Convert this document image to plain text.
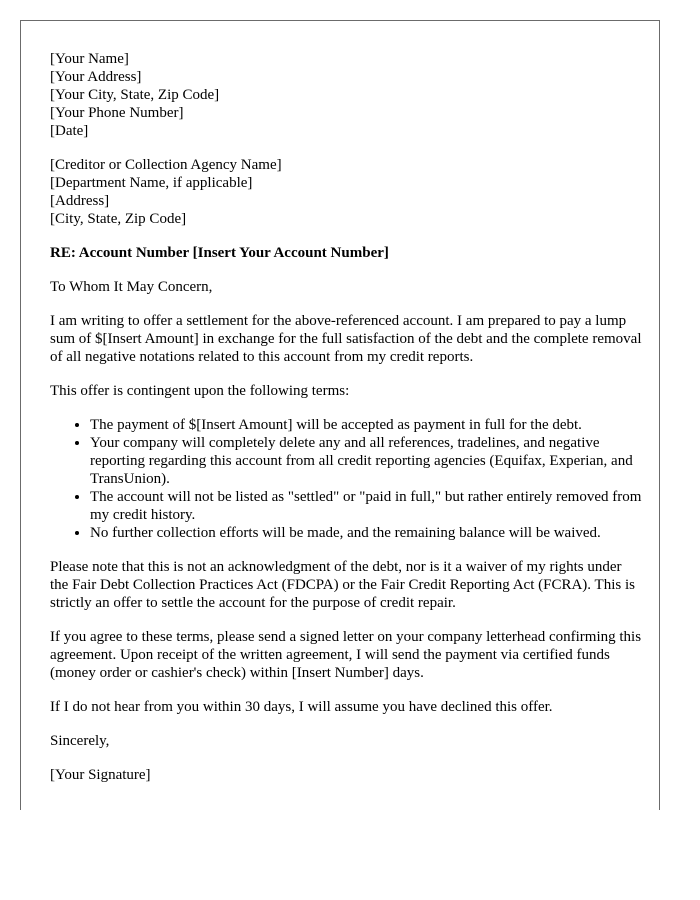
[Your Name]
[Your Address]
[Your City, State, Zip Code]
[Your Phone Number]
[Date]
[Creditor or Collection Agency Name]
[Department Name, if applicable]
[Address]
[City, State, Zip Code]

RE: Account Number [Insert Your Account Number]

To Whom It May Concern,

I am writing to offer a settlement for the above-referenced account. I am prepared to pay a lump sum of $[Insert Amount] in exchange for the full satisfaction of the debt and the complete removal of all negative notations related to this account from my credit reports.

This offer is contingent upon the following terms:

• The payment of $[Insert Amount] will be accepted as payment in full for the debt.
• Your company will completely delete any and all references, tradelines, and negative reporting regarding this account from all credit reporting agencies (Equifax, Experian, and TransUnion).
• The account will not be listed as "settled" or "paid in full," but rather entirely removed from my credit history.
• No further collection efforts will be made, and the remaining balance will be waived.

Please note that this is not an acknowledgment of the debt, nor is it a waiver of my rights under the Fair Debt Collection Practices Act (FDCPA) or the Fair Credit Reporting Act (FCRA). This is strictly an offer to settle the account for the purpose of credit repair.

If you agree to these terms, please send a signed letter on your company letterhead confirming this agreement. Upon receipt of the written agreement, I will send the payment via certified funds (money order or cashier's check) within [Insert Number] days.

If I do not hear from you within 30 days, I will assume you have declined this offer.

Sincerely,

[Your Signature]
